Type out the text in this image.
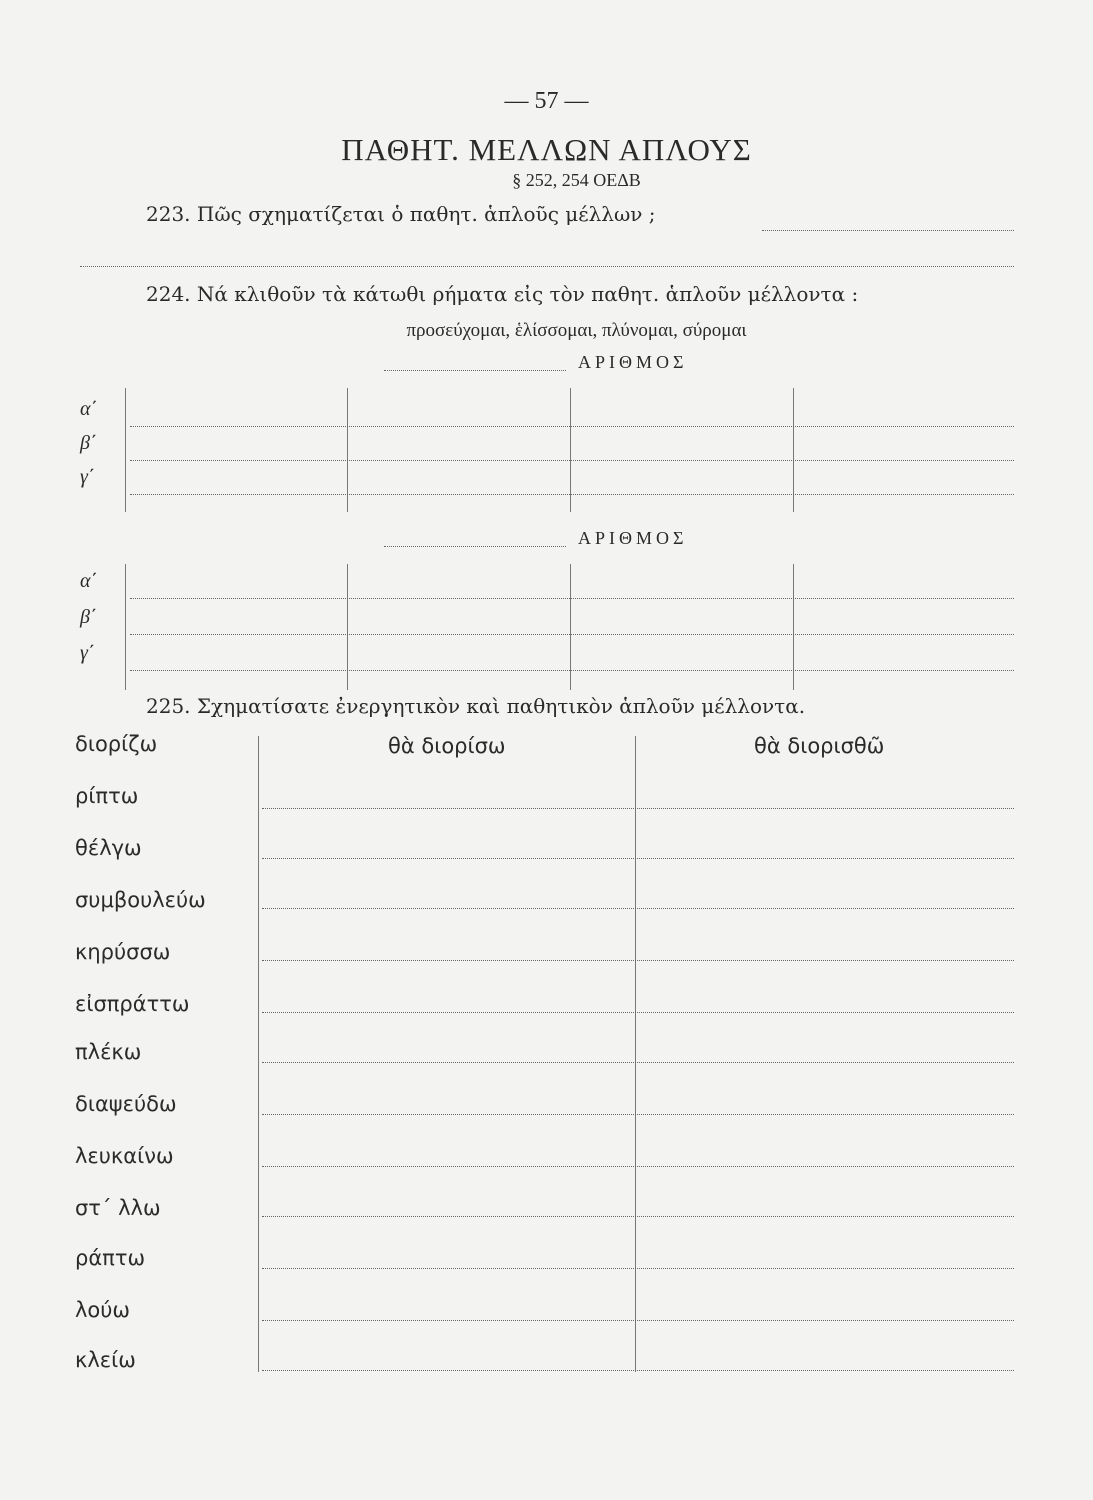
— 57 —
ΠΑΘΗΤ. ΜΕΛΛΩΝ ΑΠΛΟΥΣ
§ 252, 254 ΟΕΔΒ
223. Πῶς σχηματίζεται ὁ παθητ. ἁπλοῦς μέλλων ;
224. Νά κλιθοῦν τὰ κάτωθι ρήματα εἰς τὸν παθητ. ἁπλοῦν μέλλοντα :
προσεύχομαι, ἑλίσσομαι, πλύνομαι, σύρομαι
ΑΡΙΘΜΟΣ
α΄
β΄
γ΄
ΑΡΙΘΜΟΣ
α΄
β΄
γ΄
225. Σχηματίσατε ἐνεργητικὸν καὶ παθητικὸν ἁπλοῦν μέλλοντα.
θὰ διορίσω	θὰ διορισθῶ
διορίζω
ρίπτω
θέλγω
συμβουλεύω
κηρύσσω
εἰσπράττω
πλέκω
διαψεύδω
λευκαίνω
στ΄ λλω
ράπτω
λούω
κλείω
